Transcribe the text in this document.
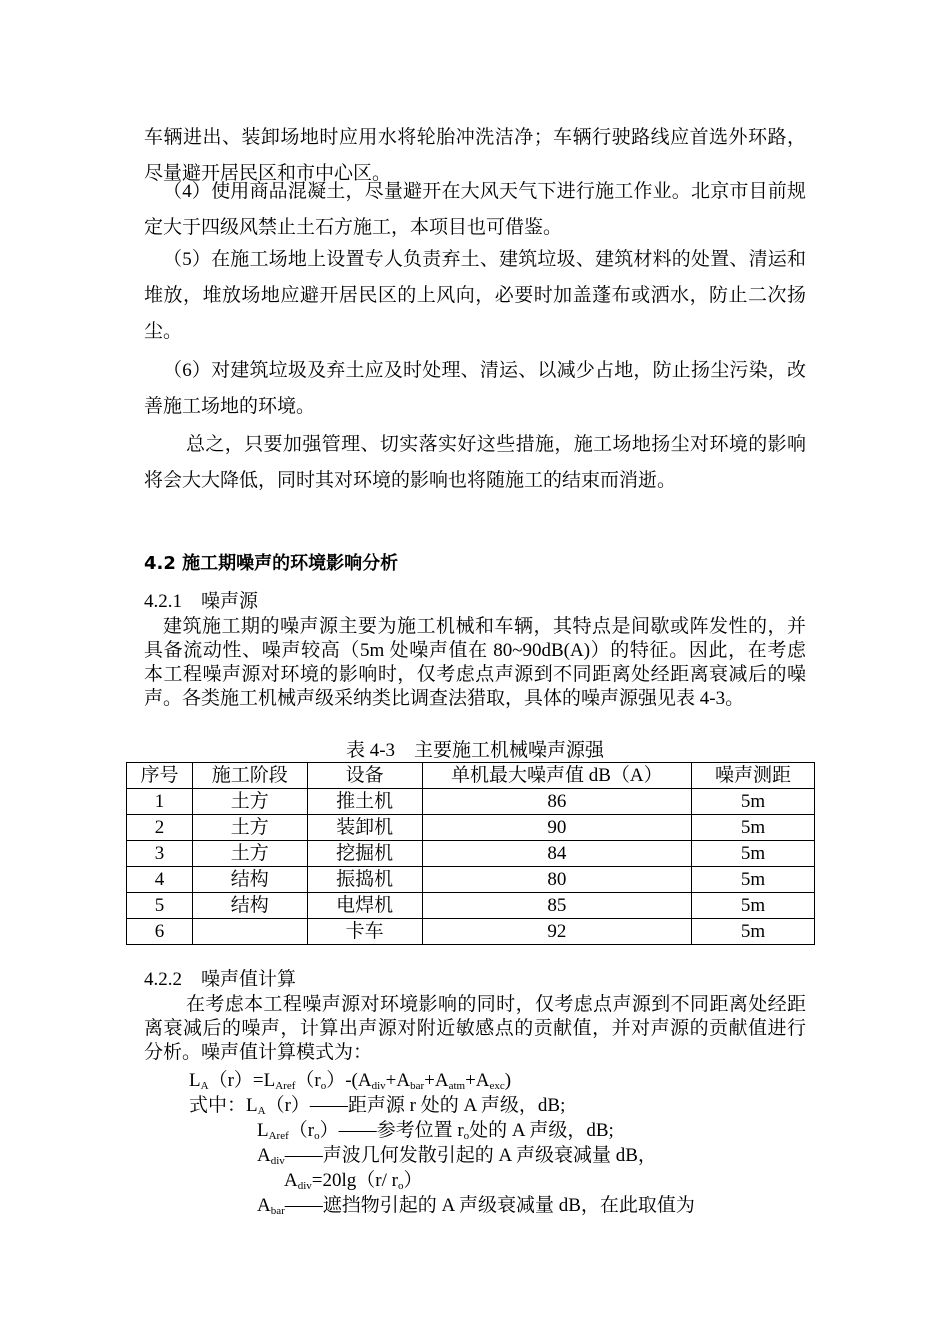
车辆进出、装卸场地时应用水将轮胎冲洗洁净；车辆行驶路线应首选外环路，尽量避开居民区和市中心区。
（4）使用商品混凝土，尽量避开在大风天气下进行施工作业。北京市目前规定大于四级风禁止土石方施工，本项目也可借鉴。
（5）在施工场地上设置专人负责弃土、建筑垃圾、建筑材料的处置、清运和堆放，堆放场地应避开居民区的上风向，必要时加盖蓬布或洒水，防止二次扬尘。
（6）对建筑垃圾及弃土应及时处理、清运、以减少占地，防止扬尘污染，改善施工场地的环境。
总之，只要加强管理、切实落实好这些措施，施工场地扬尘对环境的影响将会大大降低，同时其对环境的影响也将随施工的结束而消逝。
4.2 施工期噪声的环境影响分析
4.2.1　噪声源
建筑施工期的噪声源主要为施工机械和车辆，其特点是间歇或阵发性的，并具备流动性、噪声较高（5m 处噪声值在 80~90dB(A)）的特征。因此，在考虑本工程噪声源对环境的影响时，仅考虑点声源到不同距离处经距离衰减后的噪声。各类施工机械声级采纳类比调查法猎取，具体的噪声源强见表 4-3。
表 4-3　主要施工机械噪声源强
序号	施工阶段	设备	单机最大噪声值 dB（A）	噪声测距
1	土方	推土机	86	5m
2	土方	装卸机	90	5m
3	土方	挖掘机	84	5m
4	结构	振捣机	80	5m
5	结构	电焊机	85	5m
6		卡车	92	5m
4.2.2　噪声值计算
在考虑本工程噪声源对环境影响的同时，仅考虑点声源到不同距离处经距离衰减后的噪声，计算出声源对附近敏感点的贡献值，并对声源的贡献值进行分析。噪声值计算模式为：
$L_A(r)=L_{Aref}(r_o)-(A_{div}+A_{bar}+A_{atm}+A_{exc})$
式中：$L_A(r)——$距声源 r 处的 A 声级，dB;
$L_{Aref}(r_o)——$参考位置 $r_o$处的 A 声级，dB;
$A_{div}——$声波几何发散引起的 A 声级衰减量 dB，
$A_{div}=20\lg(r/$ $r_o$）
$A_{bar}——$遮挡物引起的 A 声级衰减量 dB，在此取值为
